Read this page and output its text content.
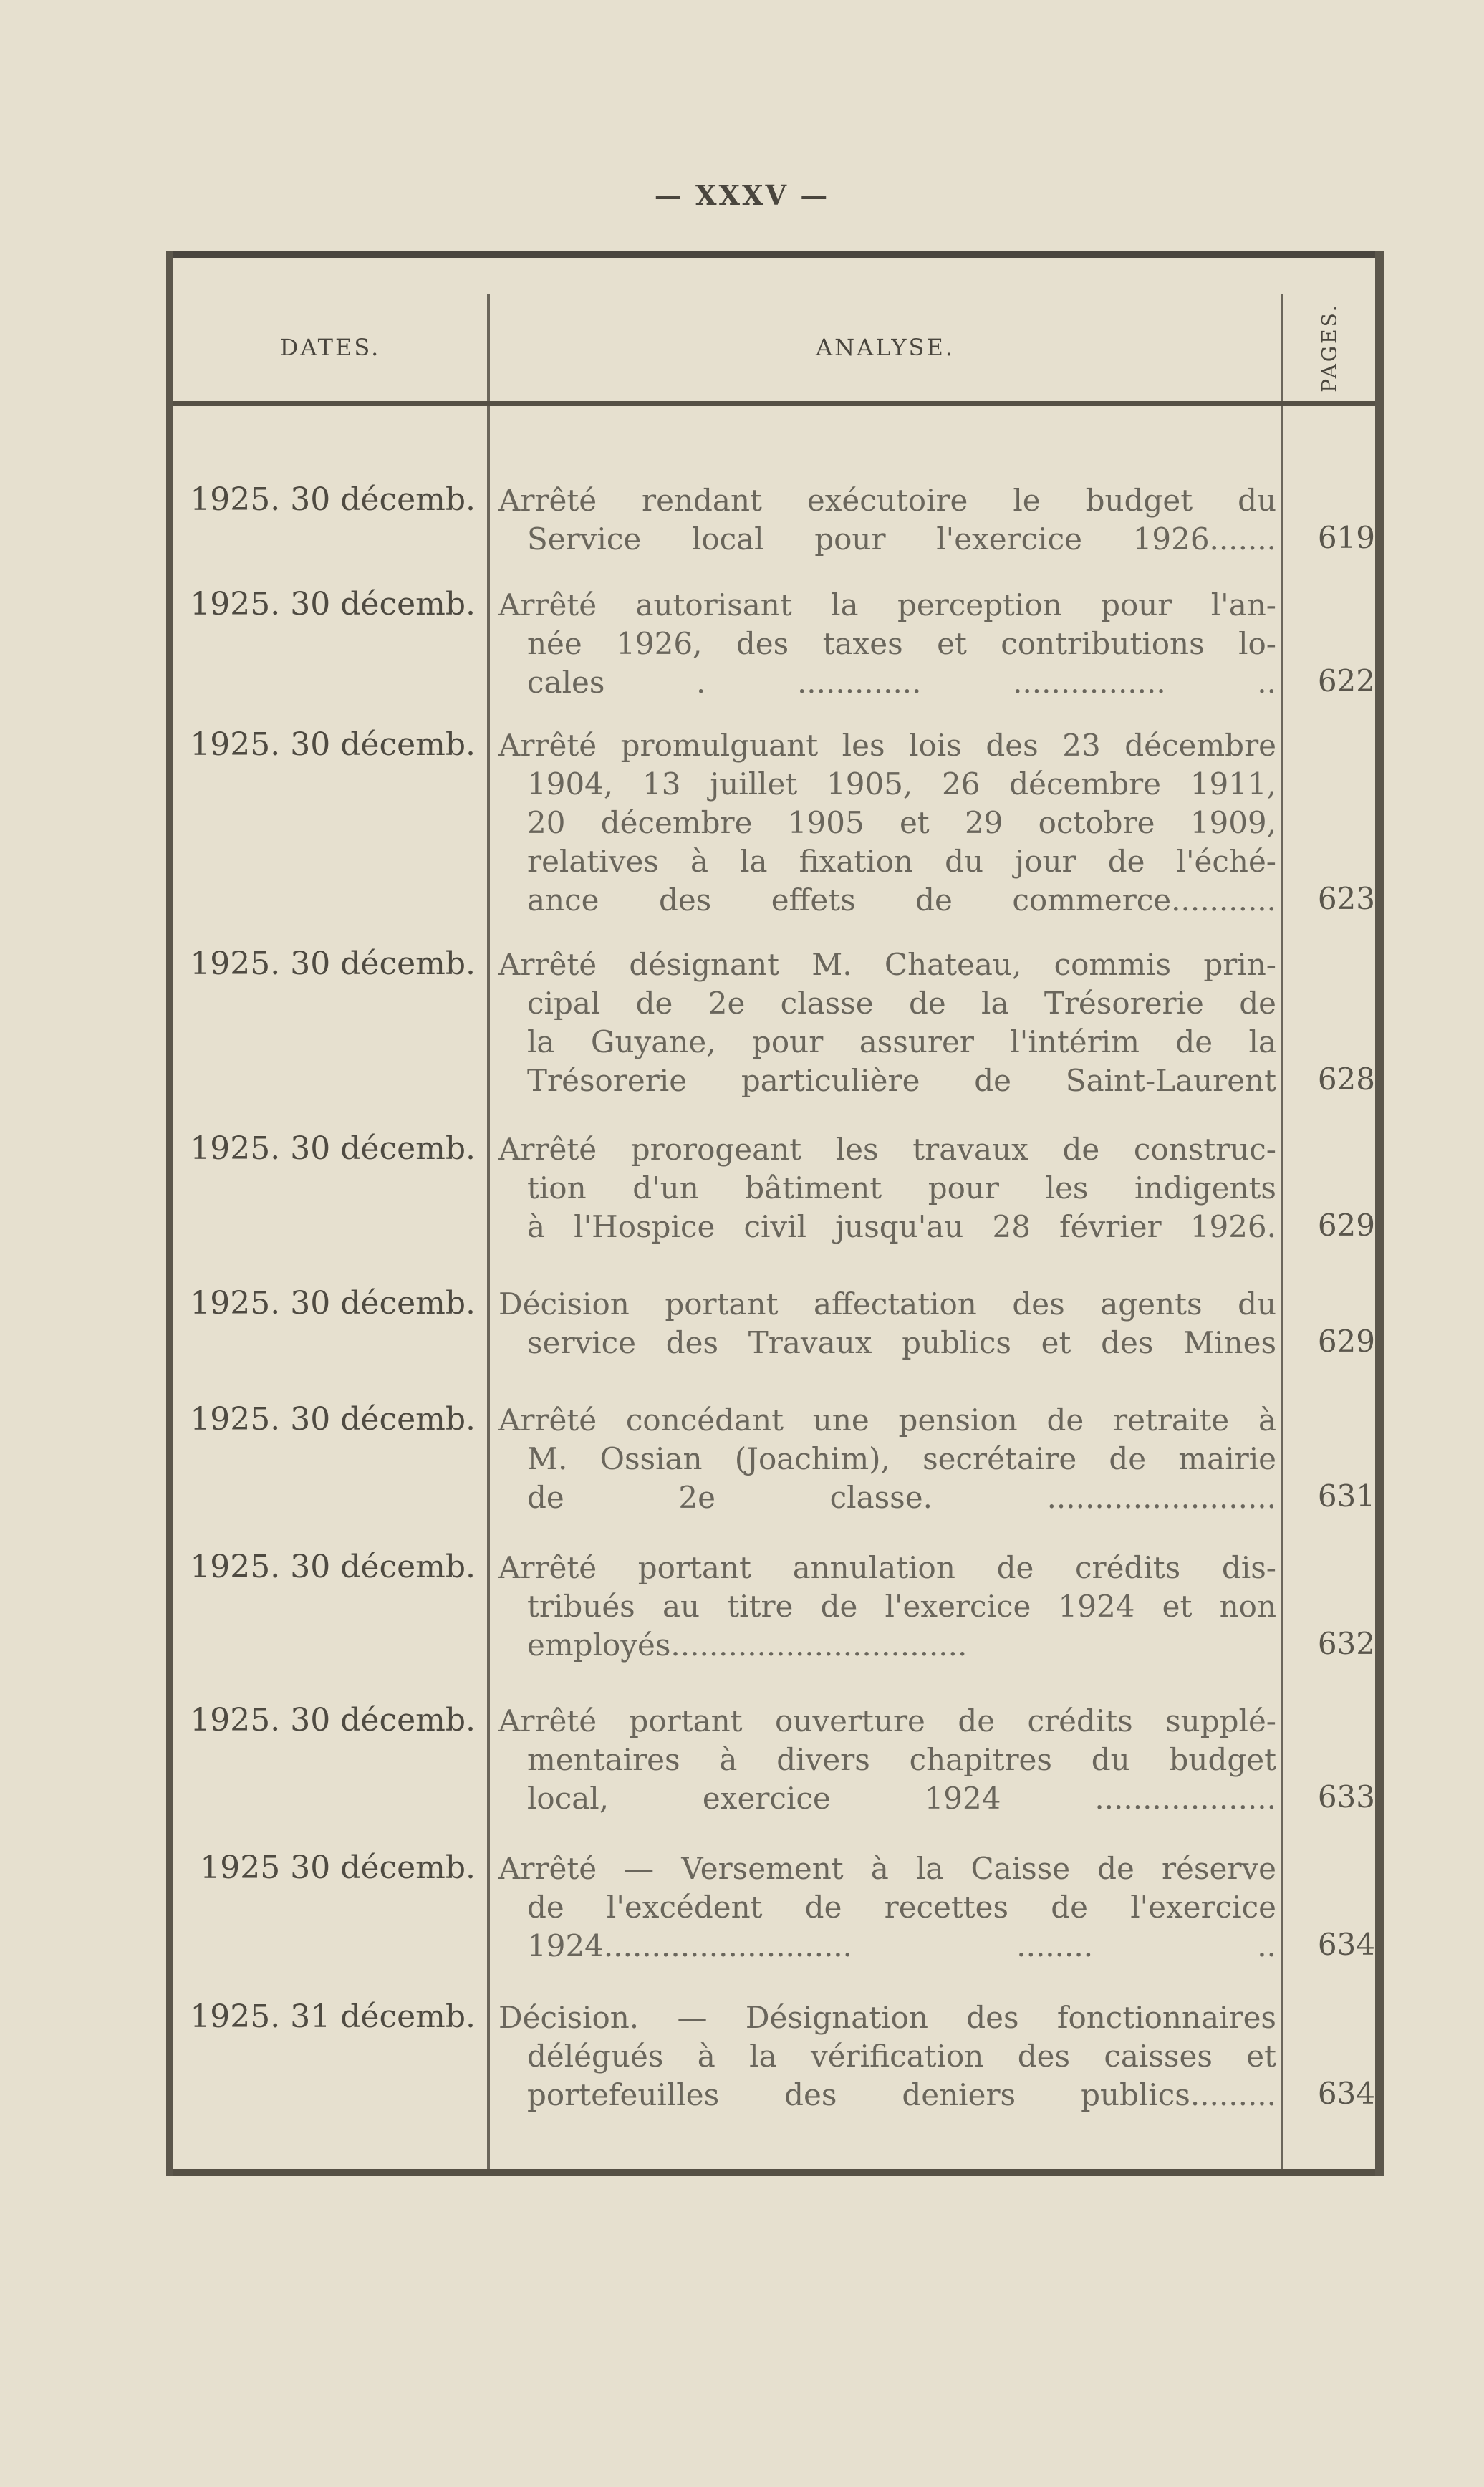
— XXXV —
DATES.	ANALYSE.	PAGES.
1925. 30 décemb. Arrêté rendant exécutoire le budget du
Service local pour l'exercice 1926.......	619
1925. 30 décemb. Arrêté autorisant la perception pour l'an-
née 1926, des taxes et contributions lo-
cales . ............. ................ ..	622
1925. 30 décemb. Arrêté promulguant les lois des 23 décembre
1904, 13 juillet 1905, 26 décembre 1911,
20 décembre 1905 et 29 octobre 1909,
relatives à la fixation du jour de l'éché-
ance des effets de commerce...........	623
1925. 30 décemb. Arrêté désignant M. Chateau, commis prin-
cipal de 2e classe de la Trésorerie de
la Guyane, pour assurer l'intérim de la
Trésorerie particulière de Saint-Laurent	628
1925. 30 décemb. Arrêté prorogeant les travaux de construc-
tion d'un bâtiment pour les indigents
à l'Hospice civil jusqu'au 28 février 1926.	629
1925. 30 décemb. Décision portant affectation des agents du
service des Travaux publics et des Mines	629
1925. 30 décemb. Arrêté concédant une pension de retraite à
M. Ossian (Joachim), secrétaire de mairie
de 2e classe. ........................	631
1925. 30 décemb. Arrêté portant annulation de crédits dis-
tribués au titre de l'exercice 1924 et non
employés...............................	632
1925. 30 décemb. Arrêté portant ouverture de crédits supplé-
mentaires à divers chapitres du budget
local, exercice 1924 ...................	633
1925 30 décemb. Arrêté — Versement à la Caisse de réserve
de l'excédent de recettes de l'exercice
1924.......................... ........ ..	634
1925. 31 décemb. Décision. — Désignation des fonctionnaires
délégués à la vérification des caisses et
portefeuilles des deniers publics.........	634
